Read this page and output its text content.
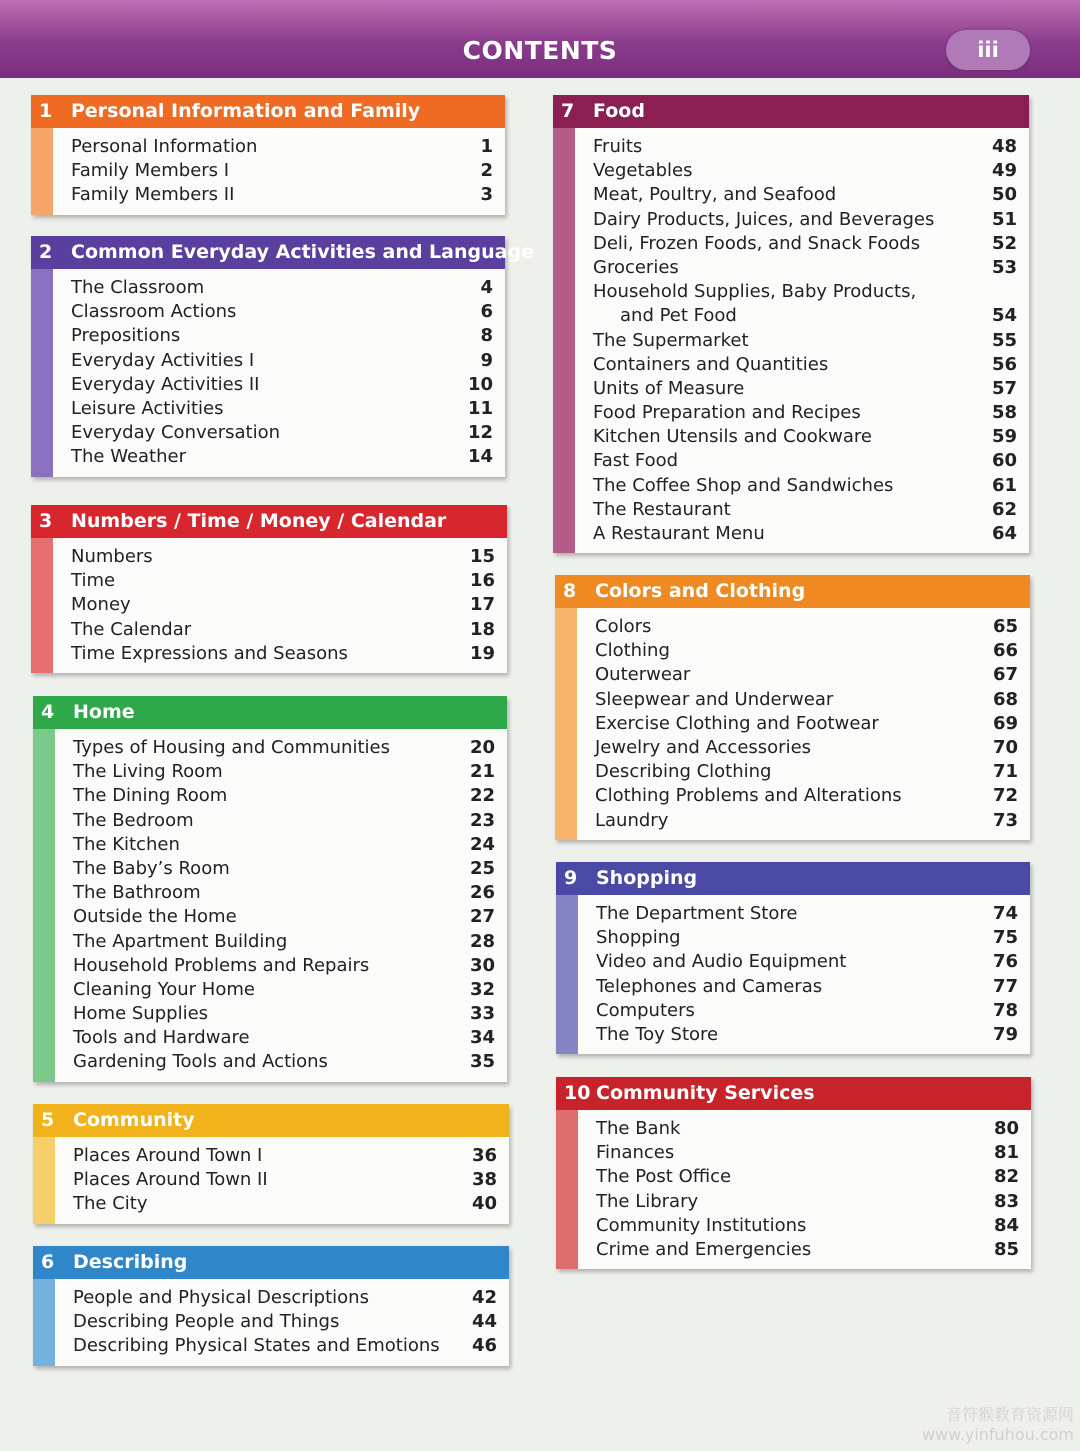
CONTENTS	iii
1 Personal Information and Family
Personal Information	1
Family Members I	2
Family Members II	3
2 Common Everyday Activities and Language
The Classroom	4
Classroom Actions	6
Prepositions	8
Everyday Activities I	9
Everyday Activities II	10
Leisure Activities	11
Everyday Conversation	12
The Weather	14
3 Numbers / Time / Money / Calendar
Numbers	15
Time	16
Money	17
The Calendar	18
Time Expressions and Seasons	19
4 Home
Types of Housing and Communities	20
The Living Room	21
The Dining Room	22
The Bedroom	23
The Kitchen	24
The Baby’s Room	25
The Bathroom	26
Outside the Home	27
The Apartment Building	28
Household Problems and Repairs	30
Cleaning Your Home	32
Home Supplies	33
Tools and Hardware	34
Gardening Tools and Actions	35
5 Community
Places Around Town I	36
Places Around Town II	38
The City	40
6 Describing
People and Physical Descriptions	42
Describing People and Things	44
Describing Physical States and Emotions 46
7 Food
Fruits	48
Vegetables	49
Meat, Poultry, and Seafood	50
Dairy Products, Juices, and Beverages	51
Deli, Frozen Foods, and Snack Foods	52
Groceries	53
Household Supplies, Baby Products,
and Pet Food	54
The Supermarket	55
Containers and Quantities	56
Units of Measure	57
Food Preparation and Recipes	58
Kitchen Utensils and Cookware	59
Fast Food	60
The Coffee Shop and Sandwiches	61
The Restaurant	62
A Restaurant Menu	64
8 Colors and Clothing
Colors	65
Clothing	66
Outerwear	67
Sleepwear and Underwear	68
Exercise Clothing and Footwear	69
Jewelry and Accessories	70
Describing Clothing	71
Clothing Problems and Alterations	72
Laundry	73
9 Shopping
The Department Store	74
Shopping	75
Video and Audio Equipment	76
Telephones and Cameras	77
Computers	78
The Toy Store	79
10 Community Services
The Bank	80
Finances	81
The Post Office	82
The Library	83
Community Institutions	84
Crime and Emergencies	85
音符猴教育资源网
www.yinfuhou.com
